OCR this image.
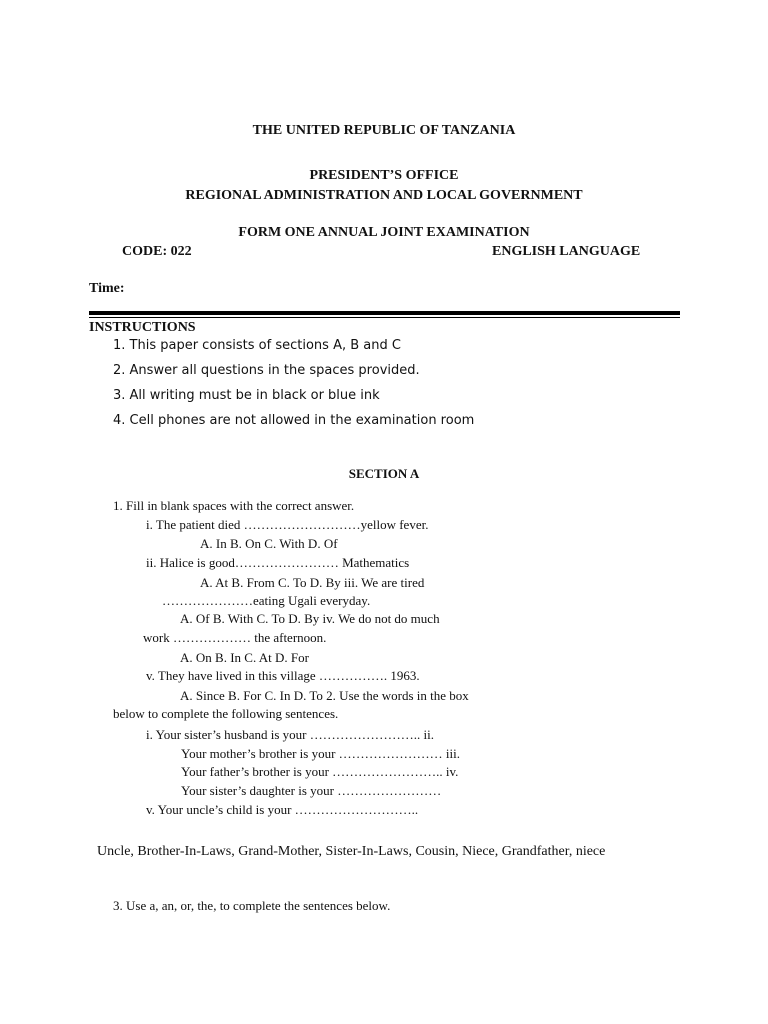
THE UNITED REPUBLIC OF TANZANIA
PRESIDENT’S OFFICE
REGIONAL ADMINISTRATION AND LOCAL GOVERNMENT
FORM ONE ANNUAL JOINT EXAMINATION
CODE: 022	ENGLISH LANGUAGE
Time:
INSTRUCTIONS
1. This paper consists of sections A, B and C
2. Answer all questions in the spaces provided.
3. All writing must be in black or blue ink
4. Cell phones are not allowed in the examination room
SECTION A
1. Fill in blank spaces with the correct answer.
i. The patient died ………………………yellow fever.
A. In B. On C. With D. Of
ii. Halice is good…………………… Mathematics
A. At B. From C. To D. By iii. We are tired
…………………eating Ugali everyday.
A. Of B. With C. To D. By iv. We do not do much
work ……………… the afternoon.
A. On B. In C. At D. For
v. They have lived in this village ……………. 1963.
A. Since B. For C. In D. To 2. Use the words in the box
below to complete the following sentences.
i. Your sister’s husband is your …………………….. ii.
Your mother’s brother is your …………………… iii.
Your father’s brother is your …………………….. iv.
Your sister’s daughter is your ……………………
v. Your uncle’s child is your ………………………..
Uncle, Brother-In-Laws, Grand-Mother, Sister-In-Laws, Cousin, Niece, Grandfather, niece
3. Use a, an, or, the, to complete the sentences below.
